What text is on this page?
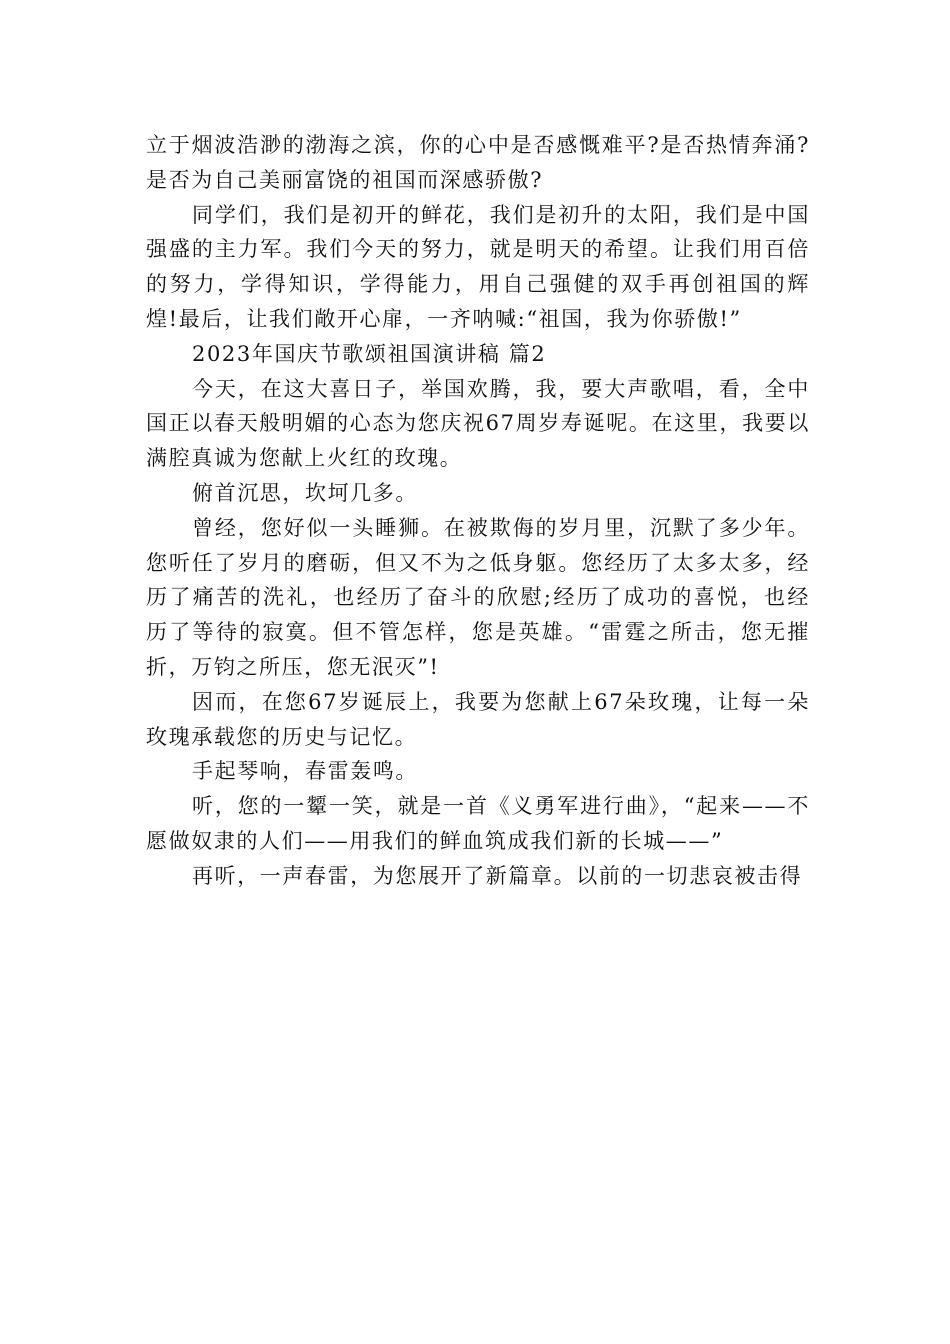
立于烟波浩渺的渤海之滨，你的心中是否感慨难平?是否热情奔涌?是否为自己美丽富饶的祖国而深感骄傲?

同学们，我们是初开的鲜花，我们是初升的太阳，我们是中国强盛的主力军。我们今天的努力，就是明天的希望。让我们用百倍的努力，学得知识，学得能力，用自己强健的双手再创祖国的辉煌!最后，让我们敞开心扉，一齐呐喊:“祖国，我为你骄傲!”

2023年国庆节歌颂祖国演讲稿 篇2

今天，在这大喜日子，举国欢腾，我，要大声歌唱，看，全中国正以春天般明媚的心态为您庆祝67周岁寿诞呢。在这里，我要以满腔真诚为您献上火红的玫瑰。

俯首沉思，坎坷几多。

曾经，您好似一头睡狮。在被欺侮的岁月里，沉默了多少年。您听任了岁月的磨砺，但又不为之低身躯。您经历了太多太多，经历了痛苦的洗礼，也经历了奋斗的欣慰;经历了成功的喜悦，也经历了等待的寂寞。但不管怎样，您是英雄。“雷霆之所击，您无摧折，万钧之所压，您无泯灭”!

因而，在您67岁诞辰上，我要为您献上67朵玫瑰，让每一朵玫瑰承载您的历史与记忆。

手起琴响，春雷轰鸣。

听，您的一颦一笑，就是一首《义勇军进行曲》，“起来——不愿做奴隶的人们——用我们的鲜血筑成我们新的长城——”

再听，一声春雷，为您展开了新篇章。以前的一切悲哀被击得
